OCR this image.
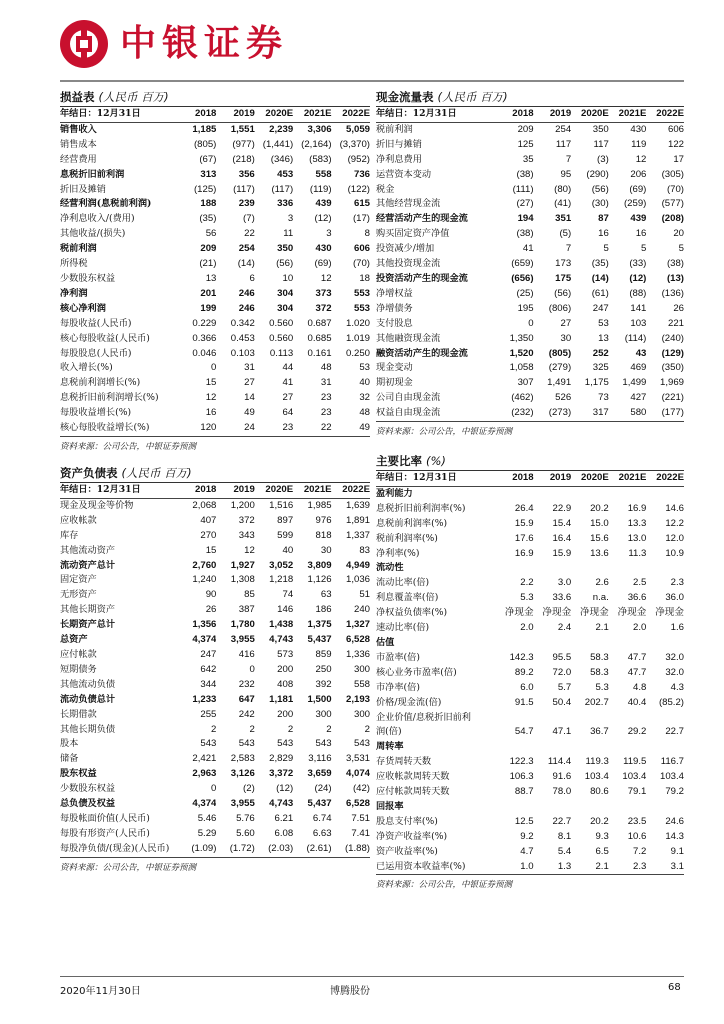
中银证券
损益表 (人民币 百万)
年结日：12月31日	2018	2019	2020E	2021E	2022E
销售收入	1,185	1,551	2,239	3,306	5,059
销售成本	(805)	(977)	(1,441)	(2,164)	(3,370)
经营费用	(67)	(218)	(346)	(583)	(952)
息税折旧前利润	313	356	453	558	736
折旧及摊销	(125)	(117)	(117)	(119)	(122)
经营利润(息税前利润)	188	239	336	439	615
净利息收入/(费用)	(35)	(7)	3	(12)	(17)
其他收益/(损失)	56	22	11	3	8
税前利润	209	254	350	430	606
所得税	(21)	(14)	(56)	(69)	(70)
少数股东权益	13	6	10	12	18
净利润	201	246	304	373	553
核心净利润	199	246	304	372	553
每股收益(人民币)	0.229	0.342	0.560	0.687	1.020
核心每股收益(人民币)	0.366	0.453	0.560	0.685	1.019
每股股息(人民币)	0.046	0.103	0.113	0.161	0.250
收入增长(%)	0	31	44	48	53
息税前利润增长(%)	15	27	41	31	40
息税折旧前利润增长(%)	12	14	27	23	32
每股收益增长(%)	16	49	64	23	48
核心每股收益增长(%)	120	24	23	22	49
资料来源：公司公告，中银证券预测
现金流量表 (人民币 百万)
年结日：12月31日	2018	2019	2020E	2021E	2022E
税前利润	209	254	350	430	606
折旧与摊销	125	117	117	119	122
净利息费用	35	7	(3)	12	17
运营资本变动	(38)	95	(290)	206	(305)
税金	(111)	(80)	(56)	(69)	(70)
其他经营现金流	(27)	(41)	(30)	(259)	(577)
经营活动产生的现金流	194	351	87	439	(208)
购买固定资产净值	(38)	(5)	16	16	20
投资减少/增加	41	7	5	5	5
其他投资现金流	(659)	173	(35)	(33)	(38)
投资活动产生的现金流	(656)	175	(14)	(12)	(13)
净增权益	(25)	(56)	(61)	(88)	(136)
净增债务	195	(806)	247	141	26
支付股息	0	27	53	103	221
其他融资现金流	1,350	30	13	(114)	(240)
融资活动产生的现金流	1,520	(805)	252	43	(129)
现金变动	1,058	(279)	325	469	(350)
期初现金	307	1,491	1,175	1,499	1,969
公司自由现金流	(462)	526	73	427	(221)
权益自由现金流	(232)	(273)	317	580	(177)
资料来源：公司公告，中银证券预测
资产负债表 (人民币 百万)
年结日：12月31日	2018	2019	2020E	2021E	2022E
现金及现金等价物	2,068	1,200	1,516	1,985	1,639
应收帐款	407	372	897	976	1,891
库存	270	343	599	818	1,337
其他流动资产	15	12	40	30	83
流动资产总计	2,760	1,927	3,052	3,809	4,949
固定资产	1,240	1,308	1,218	1,126	1,036
无形资产	90	85	74	63	51
其他长期资产	26	387	146	186	240
长期资产总计	1,356	1,780	1,438	1,375	1,327
总资产	4,374	3,955	4,743	5,437	6,528
应付帐款	247	416	573	859	1,336
短期债务	642	0	200	250	300
其他流动负债	344	232	408	392	558
流动负债总计	1,233	647	1,181	1,500	2,193
长期借款	255	242	200	300	300
其他长期负债	2	2	2	2	2
股本	543	543	543	543	543
储备	2,421	2,583	2,829	3,116	3,531
股东权益	2,963	3,126	3,372	3,659	4,074
少数股东权益	0	(2)	(12)	(24)	(42)
总负债及权益	4,374	3,955	4,743	5,437	6,528
每股帐面价值(人民币)	5.46	5.76	6.21	6.74	7.51
每股有形资产(人民币)	5.29	5.60	6.08	6.63	7.41
每股净负债/(现金)(人民币)	(1.09)	(1.72)	(2.03)	(2.61)	(1.88)
资料来源：公司公告，中银证券预测
主要比率 (%)
年结日：12月31日	2018	2019	2020E	2021E	2022E
盈利能力					
息税折旧前利润率(%)	26.4	22.9	20.2	16.9	14.6
息税前利润率(%)	15.9	15.4	15.0	13.3	12.2
税前利润率(%)	17.6	16.4	15.6	13.0	12.0
净利率(%)	16.9	15.9	13.6	11.3	10.9
流动性					
流动比率(倍)	2.2	3.0	2.6	2.5	2.3
利息覆盖率(倍)	5.3	33.6	n.a.	36.6	36.0
净权益负债率(%)	净现金	净现金	净现金	净现金	净现金
速动比率(倍)	2.0	2.4	2.1	2.0	1.6
估值					
市盈率(倍)	142.3	95.5	58.3	47.7	32.0
核心业务市盈率(倍)	89.2	72.0	58.3	47.7	32.0
市净率(倍)	6.0	5.7	5.3	4.8	4.3
价格/现金流(倍)	91.5	50.4	202.7	40.4	(85.2)
企业价值/息税折旧前利					
润(倍)	54.7	47.1	36.7	29.2	22.7
周转率					
存货周转天数	122.3	114.4	119.3	119.5	116.7
应收帐款周转天数	106.3	91.6	103.4	103.4	103.4
应付帐款周转天数	88.7	78.0	80.6	79.1	79.2
回报率					
股息支付率(%)	12.5	22.7	20.2	23.5	24.6
净资产收益率(%)	9.2	8.1	9.3	10.6	14.3
资产收益率(%)	4.7	5.4	6.5	7.2	9.1
已运用资本收益率(%)	1.0	1.3	2.1	2.3	3.1
资料来源：公司公告，中银证券预测
2020年11月30日	博腾股份	68
